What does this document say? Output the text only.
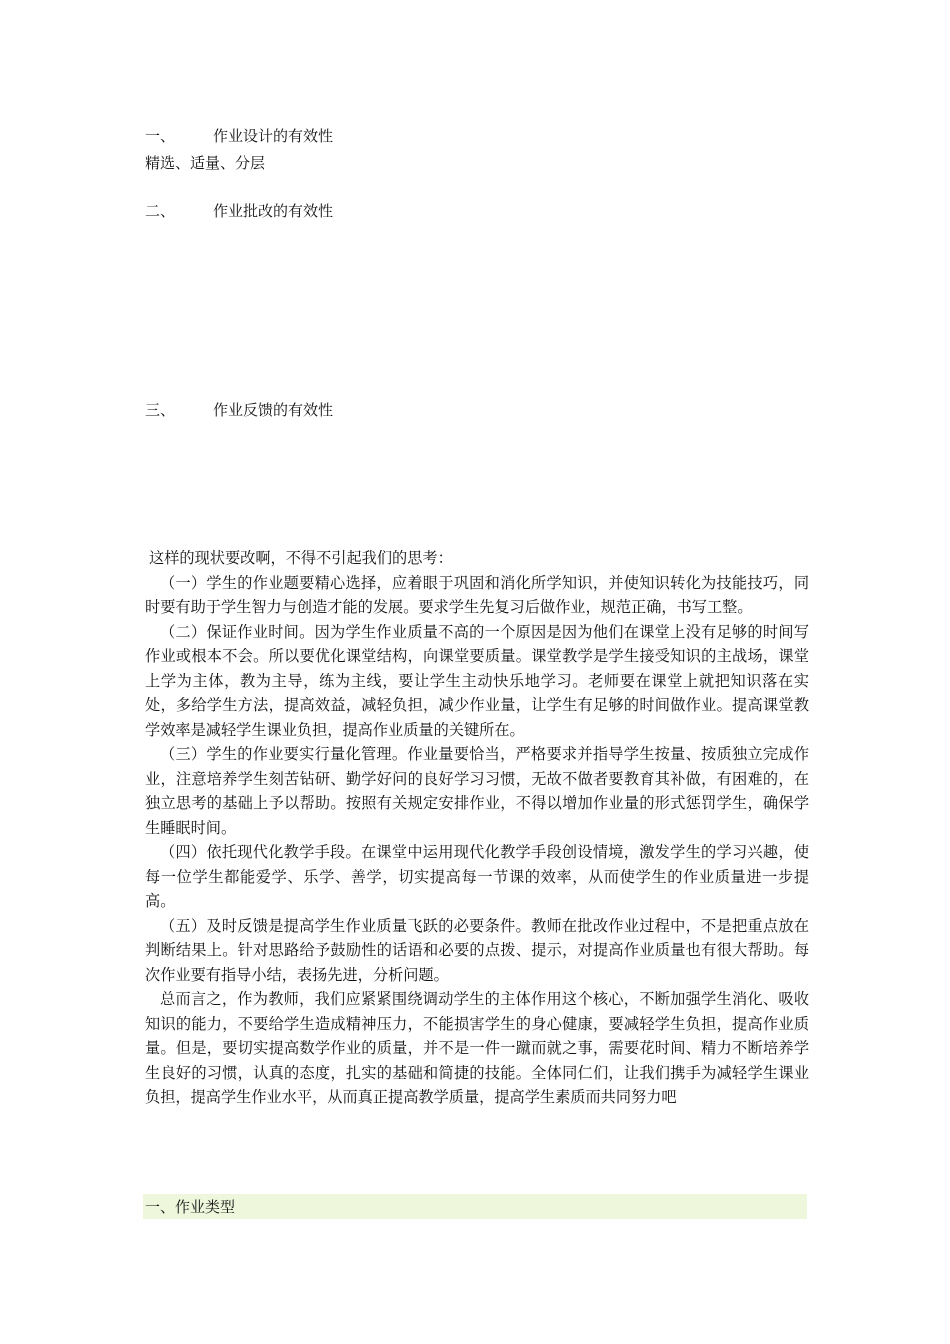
一、	作业设计的有效性
精选、适量、分层
二、	作业批改的有效性
三、	作业反馈的有效性

这样的现状要改啊，不得不引起我们的思考：

（一）学生的作业题要精心选择，应着眼于巩固和消化所学知识，并使知识转化为技能技巧，同时要有助于学生智力与创造才能的发展。要求学生先复习后做作业，规范正确，书写工整。

（二）保证作业时间。因为学生作业质量不高的一个原因是因为他们在课堂上没有足够的时间写作业或根本不会。所以要优化课堂结构，向课堂要质量。课堂教学是学生接受知识的主战场，课堂上学为主体，教为主导，练为主线，要让学生主动快乐地学习。老师要在课堂上就把知识落在实处，多给学生方法，提高效益，减轻负担，减少作业量，让学生有足够的时间做作业。提高课堂教学效率是减轻学生课业负担，提高作业质量的关键所在。

（三）学生的作业要实行量化管理。作业量要恰当，严格要求并指导学生按量、按质独立完成作业，注意培养学生刻苦钻研、勤学好问的良好学习习惯，无故不做者要教育其补做，有困难的，在独立思考的基础上予以帮助。按照有关规定安排作业，不得以增加作业量的形式惩罚学生，确保学生睡眠时间。

（四）依托现代化教学手段。在课堂中运用现代化教学手段创设情境，激发学生的学习兴趣，使每一位学生都能爱学、乐学、善学，切实提高每一节课的效率，从而使学生的作业质量进一步提高。

（五）及时反馈是提高学生作业质量飞跃的必要条件。教师在批改作业过程中，不是把重点放在判断结果上。针对思路给予鼓励性的话语和必要的点拨、提示，对提高作业质量也有很大帮助。每次作业要有指导小结，表扬先进，分析问题。

总而言之，作为教师，我们应紧紧围绕调动学生的主体作用这个核心，不断加强学生消化、吸收知识的能力，不要给学生造成精神压力，不能损害学生的身心健康，要减轻学生负担，提高作业质量。但是，要切实提高数学作业的质量，并不是一件一蹴而就之事，需要花时间、精力不断培养学生良好的习惯，认真的态度，扎实的基础和简捷的技能。全体同仁们，让我们携手为减轻学生课业负担，提高学生作业水平，从而真正提高教学质量，提高学生素质而共同努力吧

一、作业类型
